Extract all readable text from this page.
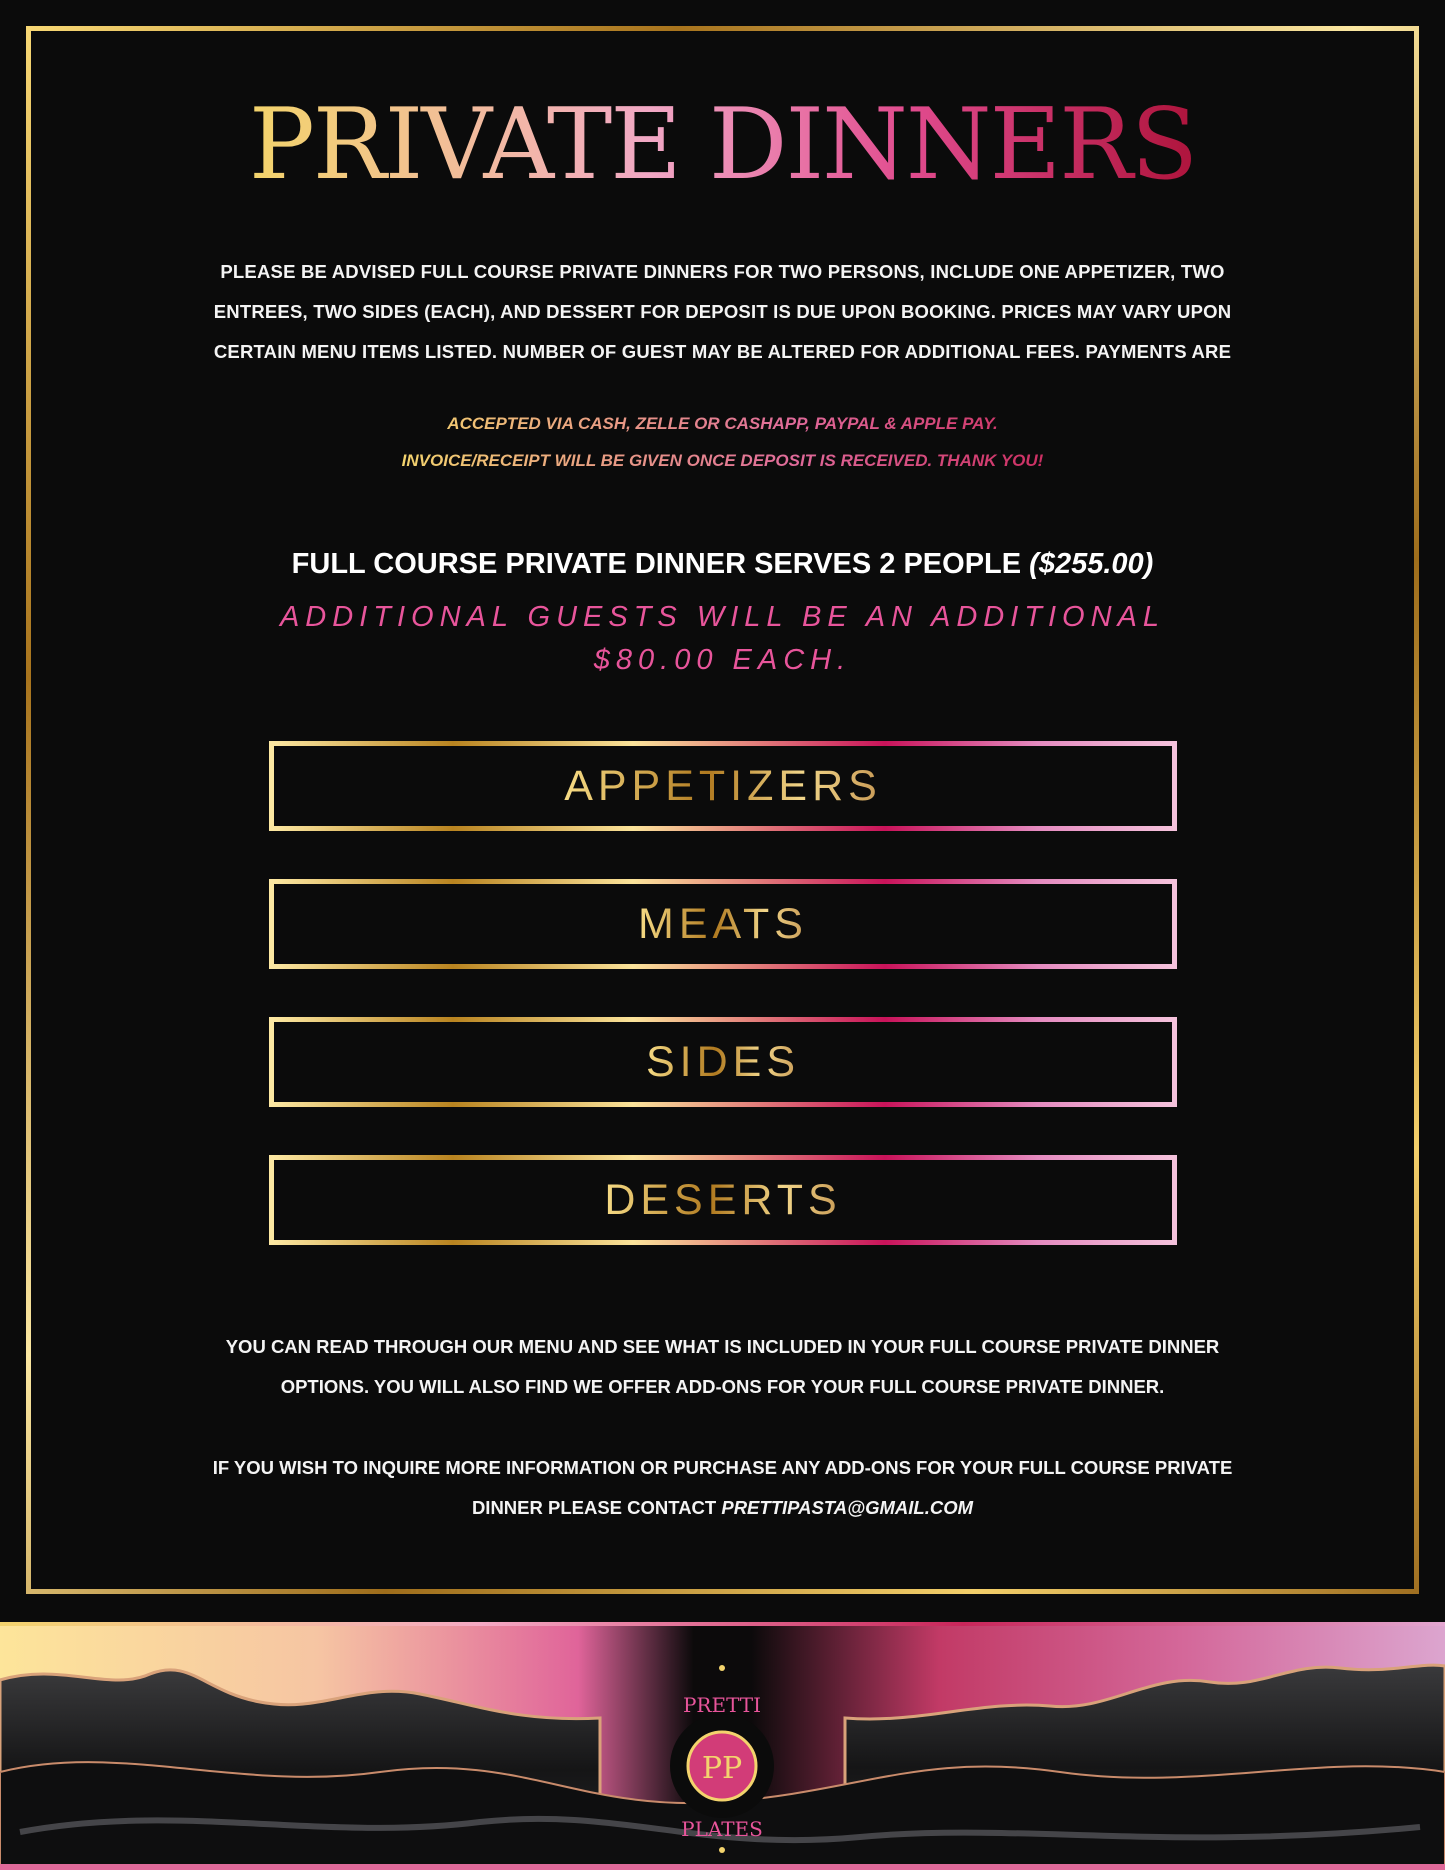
PRIVATE DINNERS
PLEASE BE ADVISED FULL COURSE PRIVATE DINNERS FOR TWO PERSONS, INCLUDE ONE APPETIZER, TWO ENTREES, TWO SIDES (EACH), AND DESSERT FOR DEPOSIT IS DUE UPON BOOKING. PRICES MAY VARY UPON CERTAIN MENU ITEMS LISTED. NUMBER OF GUEST MAY BE ALTERED FOR ADDITIONAL FEES. PAYMENTS ARE
ACCEPTED VIA CASH, ZELLE OR CASHAPP, PAYPAL & APPLE PAY.
INVOICE/RECEIPT WILL BE GIVEN ONCE DEPOSIT IS RECEIVED. THANK YOU!
FULL COURSE PRIVATE DINNER SERVES 2 PEOPLE ($255.00)
ADDITIONAL GUESTS WILL BE AN ADDITIONAL $80.00 EACH.
APPETIZERS
MEATS
SIDES
DESERTS
YOU CAN READ THROUGH OUR MENU AND SEE WHAT IS INCLUDED IN YOUR FULL COURSE PRIVATE DINNER OPTIONS. YOU WILL ALSO FIND WE OFFER ADD-ONS FOR YOUR FULL COURSE PRIVATE DINNER.
IF YOU WISH TO INQUIRE MORE INFORMATION OR PURCHASE ANY ADD-ONS FOR YOUR FULL COURSE PRIVATE DINNER PLEASE CONTACT PRETTIPASTA@GMAIL.COM
PP
PRETTI
PLATES
